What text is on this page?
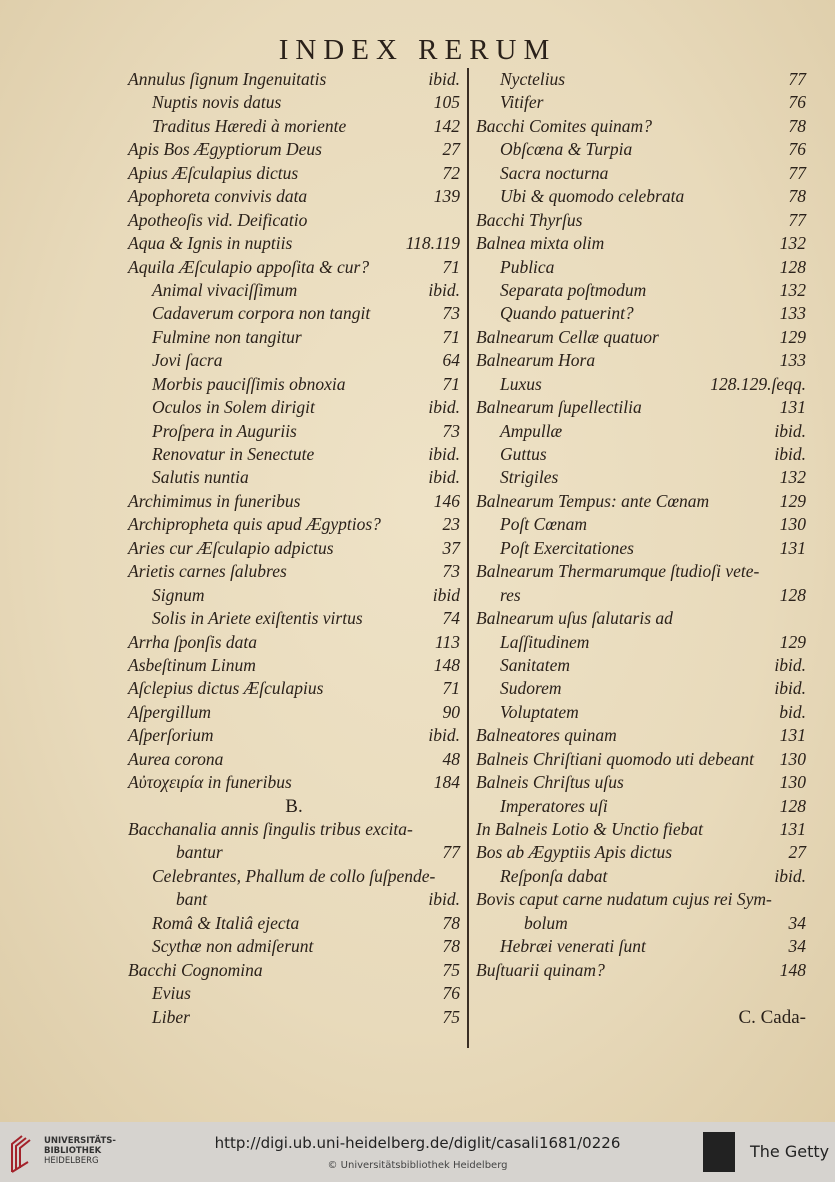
INDEX RERUM
Annulus ſignum Ingenuitatis	ibid.
Nuptis novis datus	105
Traditus Hæredi à moriente	142
Apis Bos Ægyptiorum Deus	27
Apius Æſculapius dictus	72
Apophoreta convivis data	139
Apotheoſis vid. Deificatio
Aqua & Ignis in nuptiis	118.119
Aquila Æſculapio appoſita & cur?	71
Animal vivaciſſimum	ibid.
Cadaverum corpora non tangit	73
Fulmine non tangitur	71
Jovi ſacra	64
Morbis pauciſſimis obnoxia	71
Oculos in Solem dirigit	ibid.
Proſpera in Auguriis	73
Renovatur in Senectute	ibid.
Salutis nuntia	ibid.
Archimimus in funeribus	146
Archipropheta quis apud Ægyptios?	23
Aries cur Æſculapio adpictus	37
Arietis carnes ſalubres	73
Signum	ibid
Solis in Ariete exiſtentis virtus	74
Arrha ſponſis data	113
Asbeſtinum Linum	148
Aſclepius dictus Æſculapius	71
Aſpergillum	90
Aſperſorium	ibid.
Aurea corona	48
Αὐτοχειρία in funeribus	184
B.
Bacchanalia annis ſingulis tribus excita-
bantur	77
Celebrantes, Phallum de collo ſuſpende-
bant	ibid.
Româ & Italiâ ejecta	78
Scythæ non admiſerunt	78
Bacchi Cognomina	75
Evius	76
Liber	75
Nyctelius	77
Vitifer	76
Bacchi Comites quinam?	78
Obſcœna & Turpia	76
Sacra nocturna	77
Ubi & quomodo celebrata	78
Bacchi Thyrſus	77
Balnea mixta olim	132
Publica	128
Separata poſtmodum	132
Quando patuerint?	133
Balnearum Cellæ quatuor	129
Balnearum Hora	133
Luxus	128.129.ſeqq.
Balnearum ſupellectilia	131
Ampullæ	ibid.
Guttus	ibid.
Strigiles	132
Balnearum Tempus: ante Cœnam	129
Poſt Cœnam	130
Poſt Exercitationes	131
Balnearum Thermarumque ſtudioſi vete-
res	128
Balnearum uſus ſalutaris ad
Laſſitudinem	129
Sanitatem	ibid.
Sudorem	ibid.
Voluptatem	bid.
Balneatores quinam	131
Balneis Chriſtiani quomodo uti debeant 130
Balneis Chriſtus uſus	130
Imperatores uſi	128
In Balneis Lotio & Unctio fiebat	131
Bos ab Ægyptiis Apis dictus	27
Reſponſa dabat	ibid.
Bovis caput carne nudatum cujus rei Sym-
bolum	34
Hebræi venerati ſunt	34
Buſtuarii quinam?	148
C. Cada-
UNIVERSITÄTS-
BIBLIOTHEK
HEIDELBERG
http://digi.ub.uni-heidelberg.de/diglit/casali1681/0226
© Universitätsbibliothek Heidelberg
The Getty
